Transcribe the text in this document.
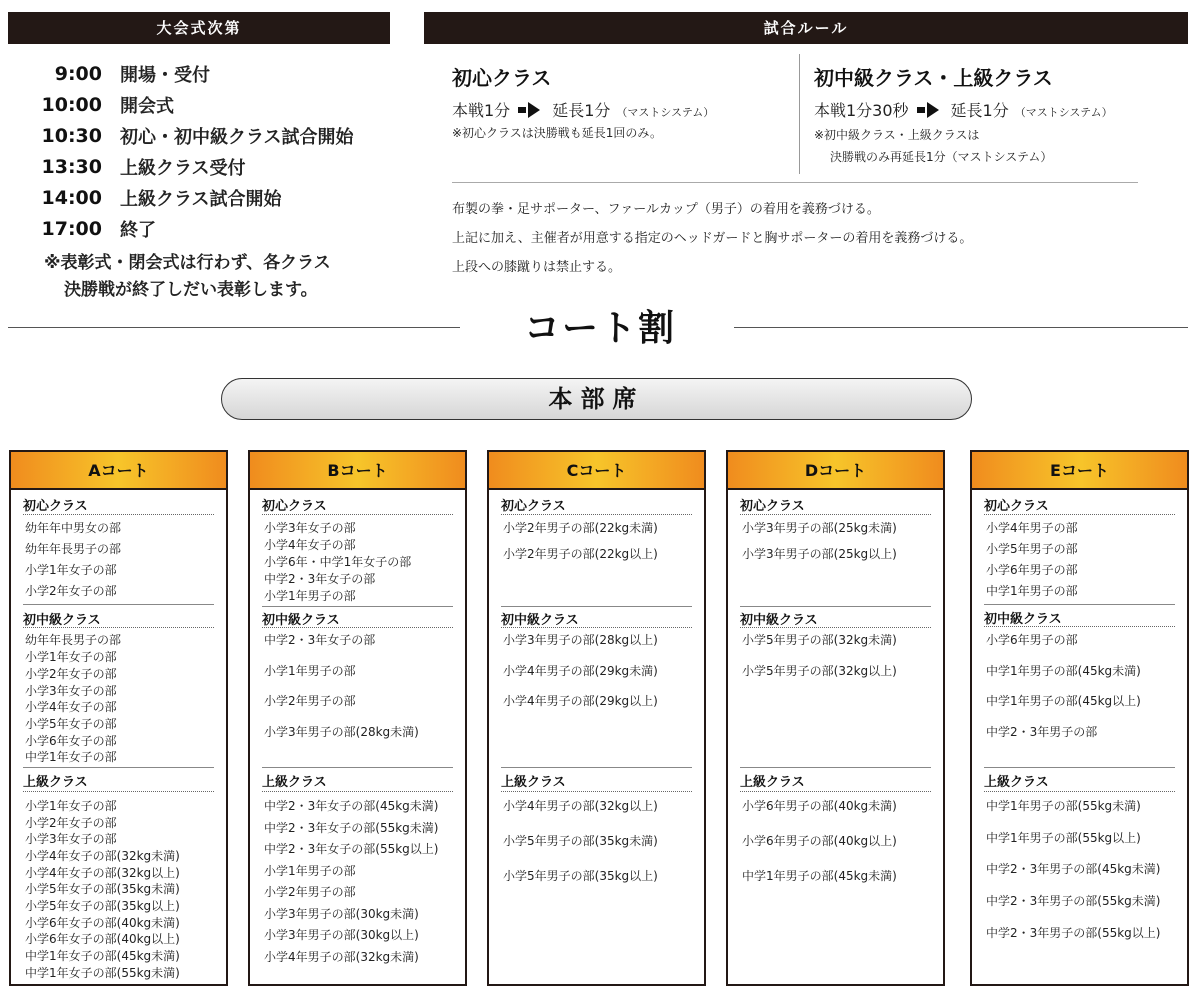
大会式次第
9:00 開場・受付
10:00 開会式
10:30 初心・初中級クラス試合開始
13:30 上級クラス受付
14:00 上級クラス試合開始
17:00 終了
※表彰式・閉会式は行わず、各クラス
決勝戦が終了しだい表彰します。
試合ルール
初心クラス
本戦1分	延長1分 （マストシステム）
※初心クラスは決勝戦も延長1回のみ。
初中級クラス・上級クラス
本戦1分30秒	延長1分 （マストシステム）
※初中級クラス・上級クラスは
決勝戦のみ再延長1分（マストシステム）
布製の拳・足サポーター、ファールカップ（男子）の着用を義務づける。
上記に加え、主催者が用意する指定のヘッドガードと胸サポーターの着用を義務づける。
上段への膝蹴りは禁止する。
コート割
本部席
Aコート
初心クラス
幼年年中男女の部
幼年年長男子の部
小学1年女子の部
小学2年女子の部
初中級クラス
幼年年長男子の部
小学1年女子の部
小学2年女子の部
小学3年女子の部
小学4年女子の部
小学5年女子の部
小学6年女子の部
中学1年女子の部
上級クラス
小学1年女子の部
小学2年女子の部
小学3年女子の部
小学4年女子の部(32kg未満)
小学4年女子の部(32kg以上)
小学5年女子の部(35kg未満)
小学5年女子の部(35kg以上)
小学6年女子の部(40kg未満)
小学6年女子の部(40kg以上)
中学1年女子の部(45kg未満)
中学1年女子の部(55kg未満)
Bコート
初心クラス
小学3年女子の部
小学4年女子の部
小学6年・中学1年女子の部
中学2・3年女子の部
小学1年男子の部
初中級クラス
中学2・3年女子の部
小学1年男子の部
小学2年男子の部
小学3年男子の部(28kg未満)
上級クラス
中学2・3年女子の部(45kg未満)
中学2・3年女子の部(55kg未満)
中学2・3年女子の部(55kg以上)
小学1年男子の部
小学2年男子の部
小学3年男子の部(30kg未満)
小学3年男子の部(30kg以上)
小学4年男子の部(32kg未満)
Cコート
初心クラス
小学2年男子の部(22kg未満)
小学2年男子の部(22kg以上)
初中級クラス
小学3年男子の部(28kg以上)
小学4年男子の部(29kg未満)
小学4年男子の部(29kg以上)
上級クラス
小学4年男子の部(32kg以上)
小学5年男子の部(35kg未満)
小学5年男子の部(35kg以上)
Dコート
初心クラス
小学3年男子の部(25kg未満)
小学3年男子の部(25kg以上)
初中級クラス
小学5年男子の部(32kg未満)
小学5年男子の部(32kg以上)
上級クラス
小学6年男子の部(40kg未満)
小学6年男子の部(40kg以上)
中学1年男子の部(45kg未満)
Eコート
初心クラス
小学4年男子の部
小学5年男子の部
小学6年男子の部
中学1年男子の部
初中級クラス
小学6年男子の部
中学1年男子の部(45kg未満)
中学1年男子の部(45kg以上)
中学2・3年男子の部
上級クラス
中学1年男子の部(55kg未満)
中学1年男子の部(55kg以上)
中学2・3年男子の部(45kg未満)
中学2・3年男子の部(55kg未満)
中学2・3年男子の部(55kg以上)
